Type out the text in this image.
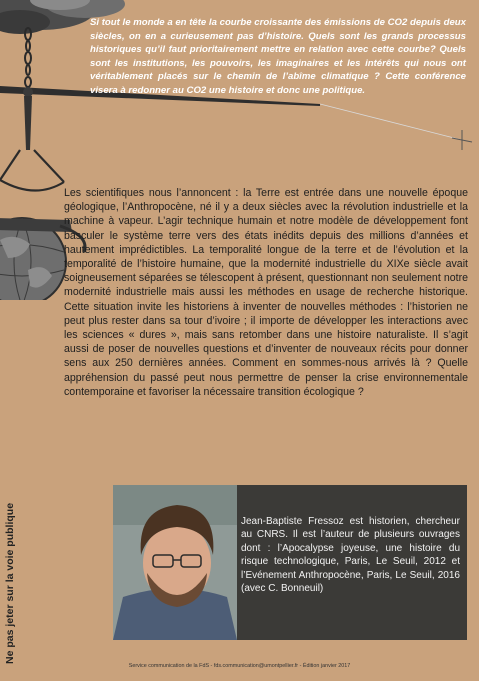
Si tout le monde a en tête la courbe croissante des émissions de CO2 depuis deux siècles, on en a curieusement pas d’histoire. Quels sont les grands processus historiques qu’il faut prioritairement mettre en relation avec cette courbe? Quels sont les institutions, les pouvoirs, les imaginaires et les intérêts qui nous ont véritablement placés sur le chemin de l’abîme climatique ? Cette conférence visera à redonner au CO2 une histoire et donc une politique.

Les scientifiques nous l’annoncent : la Terre est entrée dans une nouvelle époque géologique, l’Anthropocène, né il y a deux siècles avec la révolution industrielle et la machine à vapeur. L’agir technique humain et notre modèle de développement font basculer le système terre vers des états inédits depuis des millions d’années et hautement imprédictibles. La temporalité longue de la terre et de l’évolution et la temporalité de l’histoire humaine, que la modernité industrielle du XIXe siècle avait soigneusement séparées se télescopent à présent, questionnant non seulement notre modernité industrielle mais aussi les méthodes en usage de recherche historique. Cette situation invite les historiens à inventer de nouvelles méthodes : l’historien ne peut plus rester dans sa tour d’ivoire ; il importe de développer les interactions avec les sciences « dures », mais sans retomber dans une histoire naturaliste. Il s’agit aussi de poser de nouvelles questions et d’inventer de nouveaux récits pour donner sens aux 250 dernières années. Comment en sommes-nous arrivés là ? Quelle appréhension du passé peut nous permettre de penser la crise environnementale contemporaine et favoriser la nécessaire transition écologique ?

Ne pas jeter sur la voie publique	Jean-Baptiste Fressoz est historien, chercheur au CNRS. Il est l’auteur de plusieurs ouvrages dont : l’Apocalypse joyeuse, une histoire du risque technologique, Paris, Le Seuil, 2012 et l’Evénement Anthropocène, Paris, Le Seuil, 2016 (avec C. Bonneuil)

Service communication de la FdS - fds.communication@umontpellier.fr - Édition janvier 2017
